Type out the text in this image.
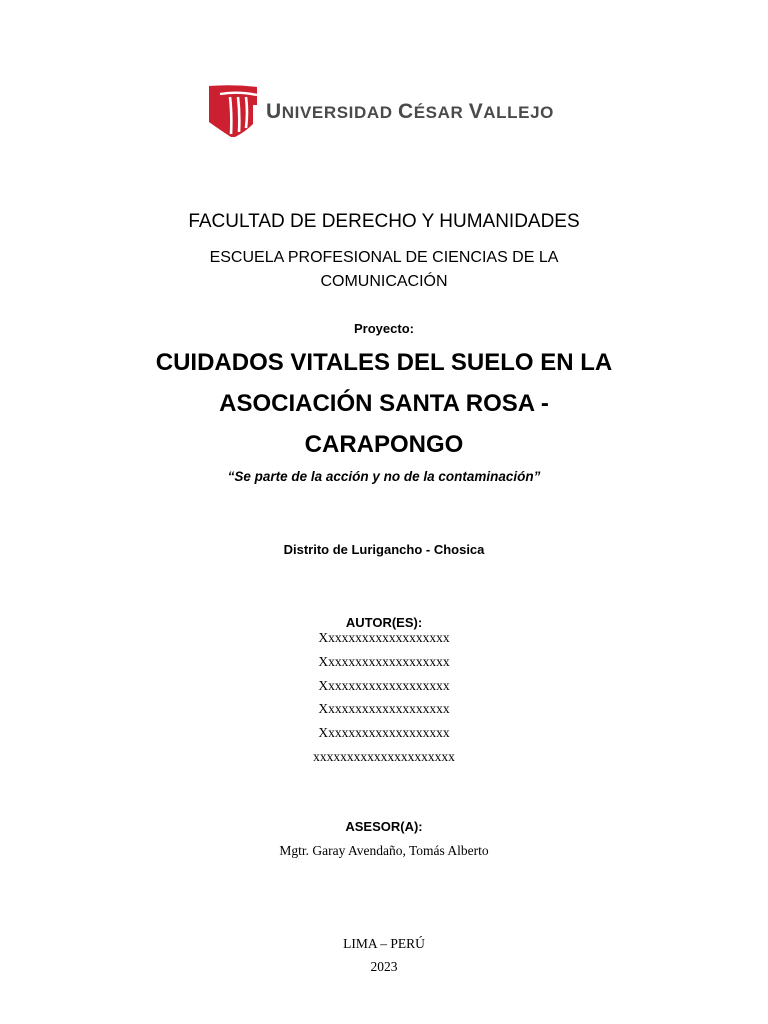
UNIVERSIDAD CÉSAR VALLEJO
FACULTAD DE DERECHO Y HUMANIDADES
ESCUELA PROFESIONAL DE CIENCIAS DE LA
COMUNICACIÓN
Proyecto:
CUIDADOS VITALES DEL SUELO EN LA
ASOCIACIÓN SANTA ROSA -
CARAPONGO
“Se parte de la acción y no de la contaminación”
Distrito de Lurigancho - Chosica
AUTOR(ES):
Xxxxxxxxxxxxxxxxxxx
Xxxxxxxxxxxxxxxxxxx
Xxxxxxxxxxxxxxxxxxx
Xxxxxxxxxxxxxxxxxxx
Xxxxxxxxxxxxxxxxxxx
xxxxxxxxxxxxxxxxxxxxx
ASESOR(A):
Mgtr. Garay Avendaño, Tomás Alberto
LIMA – PERÚ
2023
